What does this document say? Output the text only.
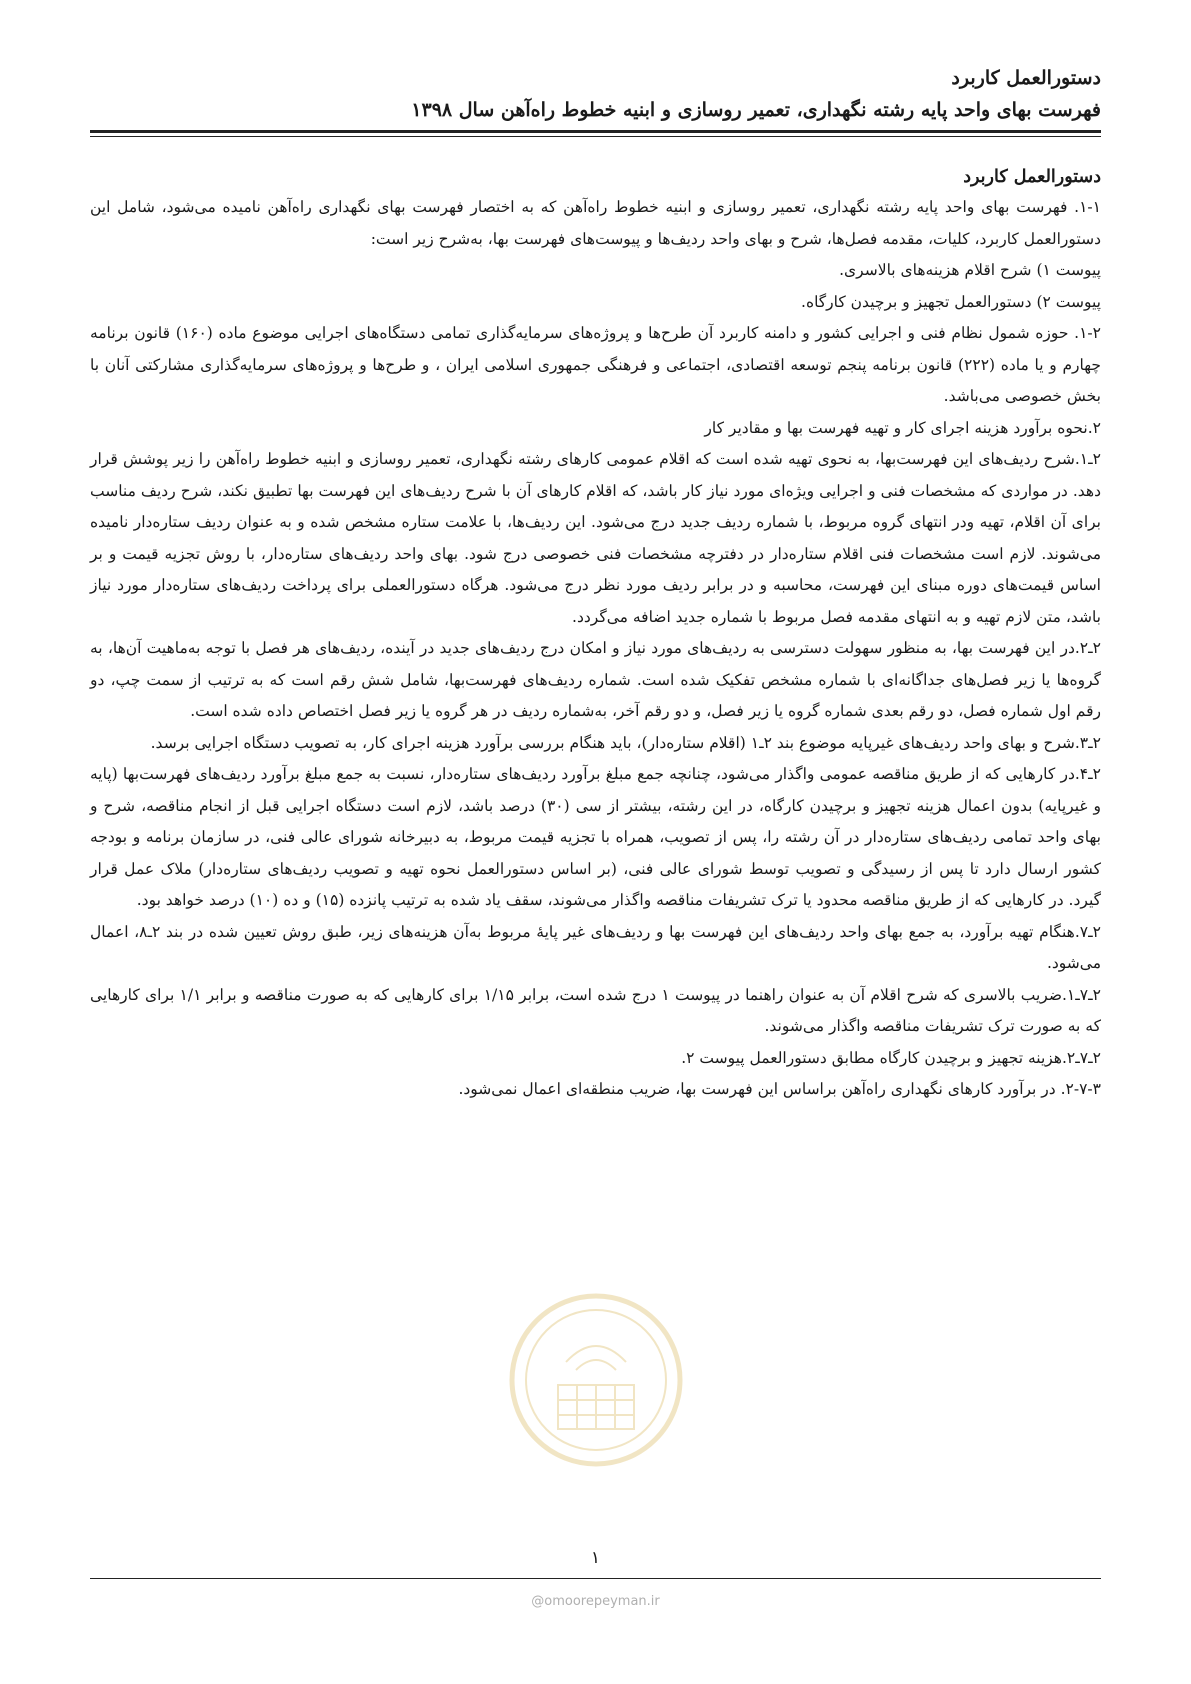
دستورالعمل کاربرد
فهرست بهای واحد پایه رشته نگهداری، تعمیر روسازی و ابنیه خطوط راه‌آهن سال ۱۳۹۸
دستورالعمل کاربرد
۱-۱. فهرست بهای واحد پایه رشته نگهداری، تعمیر روسازی و ابنیه خطوط راه‌آهن که به اختصار فهرست بهای نگهداری راه‌آهن نامیده می‌شود، شامل این دستورالعمل کاربرد، کلیات، مقدمه فصل‌ها، شرح و بهای واحد ردیف‌ها و پیوست‌های فهرست بها، به‌شرح زیر است:
پیوست ۱) شرح اقلام هزینه‌های بالاسری.
پیوست ۲) دستورالعمل تجهیز و برچیدن کارگاه.
۱-۲. حوزه شمول نظام فنی و اجرایی کشور و دامنه کاربرد آن طرح‌ها و پروژه‌های سرمایه‌گذاری تمامی دستگاه‌های اجرایی موضوع ماده (۱۶۰) قانون برنامه چهارم و یا ماده (۲۲۲) قانون برنامه پنجم توسعه اقتصادی، اجتماعی و فرهنگی جمهوری اسلامی ایران ، و طرح‌ها و پروژه‌های سرمایه‌گذاری مشارکتی آنان با بخش خصوصی می‌باشد.
۲.نحوه برآورد هزینه اجرای کار و تهیه فهرست بها و مقادیر کار
۲ـ۱.شرح ردیف‌های این فهرست‌بها، به نحوی تهیه شده است که اقلام عمومی کارهای رشته نگهداری، تعمیر روسازی و ابنیه خطوط راه‌آهن را زیر پوشش قرار دهد. در مواردی که مشخصات فنی و اجرایی ویژه‌ای مورد نیاز کار باشد، که اقلام کارهای آن با شرح ردیف‌های این فهرست بها تطبیق نکند، شرح ردیف مناسب برای آن اقلام، تهیه ودر انتهای گروه مربوط، با شماره ردیف جدید درج می‌شود. این ردیف‌ها، با علامت ستاره مشخص شده و به عنوان ردیف ستاره‌دار نامیده می‌شوند. لازم است مشخصات فنی اقلام ستاره‌دار در دفترچه مشخصات فنی خصوصی درج شود. بهای واحد ردیف‌های ستاره‌دار، با روش تجزیه قیمت و بر اساس قیمت‌های دوره مبنای این فهرست، محاسبه و در برابر ردیف مورد نظر درج می‌شود. هرگاه دستورالعملی برای پرداخت ردیف‌های ستاره‌دار مورد نیاز باشد، متن لازم تهیه و به انتهای مقدمه فصل مربوط با شماره جدید اضافه می‌گردد.
۲ـ۲.در این فهرست بها، به منظور سهولت دسترسی به ردیف‌های مورد نیاز و امکان درج ردیف‌های جدید در آینده، ردیف‌های هر فصل با توجه به‌ماهیت آن‌ها، به گروه‌ها یا زیر فصل‌های جداگانه‌ای با شماره مشخص تفکیک شده است. شماره ردیف‌های فهرست‌بها، شامل شش رقم است که به ترتیب از سمت چپ، دو رقم اول شماره فصل، دو رقم بعدی شماره گروه یا زیر فصل، و دو رقم آخر، به‌شماره ردیف در هر گروه یا زیر فصل اختصاص داده شده است.
۲ـ۳.شرح و بهای واحد ردیف‌های غیرپایه موضوع بند ۲ـ۱ (اقلام ستاره‌دار)، باید هنگام بررسی برآورد هزینه اجرای کار، به تصویب دستگاه اجرایی برسد.
۲ـ۴.در کارهایی که از طریق مناقصه عمومی واگذار می‌شود، چنانچه جمع مبلغ برآورد ردیف‌های ستاره‌دار، نسبت به جمع مبلغ برآورد ردیف‌های فهرست‌بها (پایه و غیرپایه) بدون اعمال هزینه تجهیز و برچیدن کارگاه، در این رشته، بیشتر از سی (۳۰) درصد باشد، لازم است دستگاه اجرایی قبل از انجام مناقصه، شرح و بهای واحد تمامی ردیف‌های ستاره‌دار در آن رشته را، پس از تصویب، همراه با تجزیه قیمت مربوط، به دبیرخانه شورای عالی فنی، در سازمان برنامه و بودجه کشور ارسال دارد تا پس از رسیدگی و تصویب توسط شورای عالی فنی، (بر اساس دستورالعمل نحوه تهیه و تصویب ردیف‌های ستاره‌دار) ملاک عمل قرار گیرد. در کارهایی که از طریق مناقصه محدود یا ترک تشریفات مناقصه واگذار می‌شوند، سقف یاد شده به ترتیب پانزده (۱۵) و ده (۱۰) درصد خواهد بود.
۲ـ۷.هنگام تهیه برآورد، به جمع بهای واحد ردیف‌های این فهرست بها و ردیف‌های غیر پایهٔ مربوط به‌آن هزینه‌های زیر، طبق روش تعیین شده در بند ۲ـ۸، اعمال می‌شود.
۲ـ۷ـ۱.ضریب بالاسری که شرح اقلام آن به عنوان راهنما در پیوست ۱ درج شده است، برابر ۱/۱۵ برای کارهایی که به صورت مناقصه و برابر ۱/۱ برای کارهایی که به صورت ترک تشریفات مناقصه واگذار می‌شوند.
۲ـ۷ـ۲.هزینه تجهیز و برچیدن کارگاه مطابق دستورالعمل پیوست ۲.
۲-۷-۳. در برآورد کارهای نگهداری راه‌آهن براساس این فهرست بها، ضریب منطقه‌ای اعمال نمی‌شود.
۱
@omoorepeyman.ir
